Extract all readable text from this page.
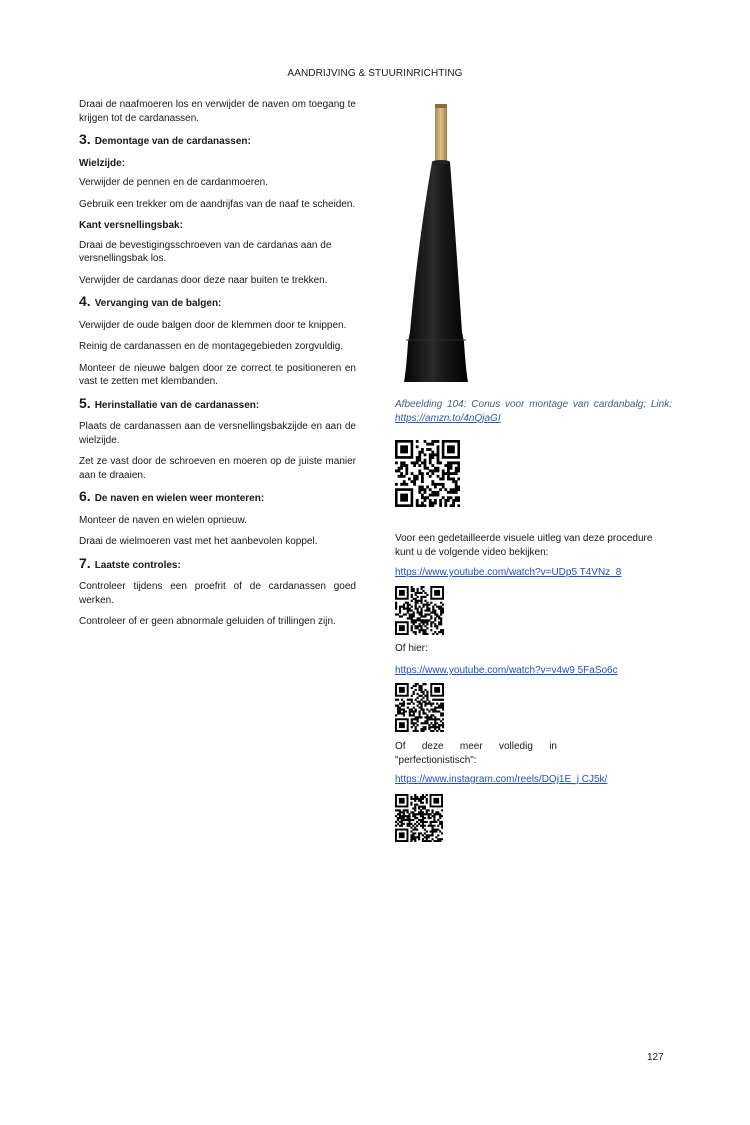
AANDRIJVING & STUURINRICHTING

Draai de naafmoeren los en verwijder de naven om toegang te krijgen tot de cardanassen.

3. Demontage van de cardanassen:
Wielzijde:

Verwijder de pennen en de cardanmoeren.

Gebruik een trekker om de aandrijfas van de naaf te scheiden.

Kant versnellingsbak:

Draai de bevestigingsschroeven van de cardanas aan de versnellingsbak los.

Verwijder de cardanas door deze naar buiten te trekken.

4. Vervanging van de balgen:

Verwijder de oude balgen door de klemmen door te knippen.

Reinig de cardanassen en de montagegebieden zorgvuldig.

Monteer de nieuwe balgen door ze correct te positioneren en vast te zetten met klembanden.

5. Herinstallatie van de cardanassen:

Plaats de cardanassen aan de versnellingsbakzijde en aan de wielzijde.

Zet ze vast door de schroeven en moeren op de juiste manier aan te draaien.

6. De naven en wielen weer monteren:

Monteer de naven en wielen opnieuw.

Draai de wielmoeren vast met het aanbevolen koppel.

7. Laatste controles:

Controleer tijdens een proefrit of de cardanassen goed werken.

Controleer of er geen abnormale geluiden of trillingen zijn.

Afbeelding 104: Conus voor montage van cardanbalg; Link: https://amzn.to/4nQjaGI
Voor een gedetailleerde visuele uitleg van deze procedure kunt u de volgende video bekijken:
https://www.youtube.com/watch?v=UDp5 T4VNz_8
Of hier:
https://www.youtube.com/watch?v=v4w9 5FaSo6c
Of deze meer volledig in "perfectionistisch":
https://www.instagram.com/reels/DQj1E_j CJ5k/
127
